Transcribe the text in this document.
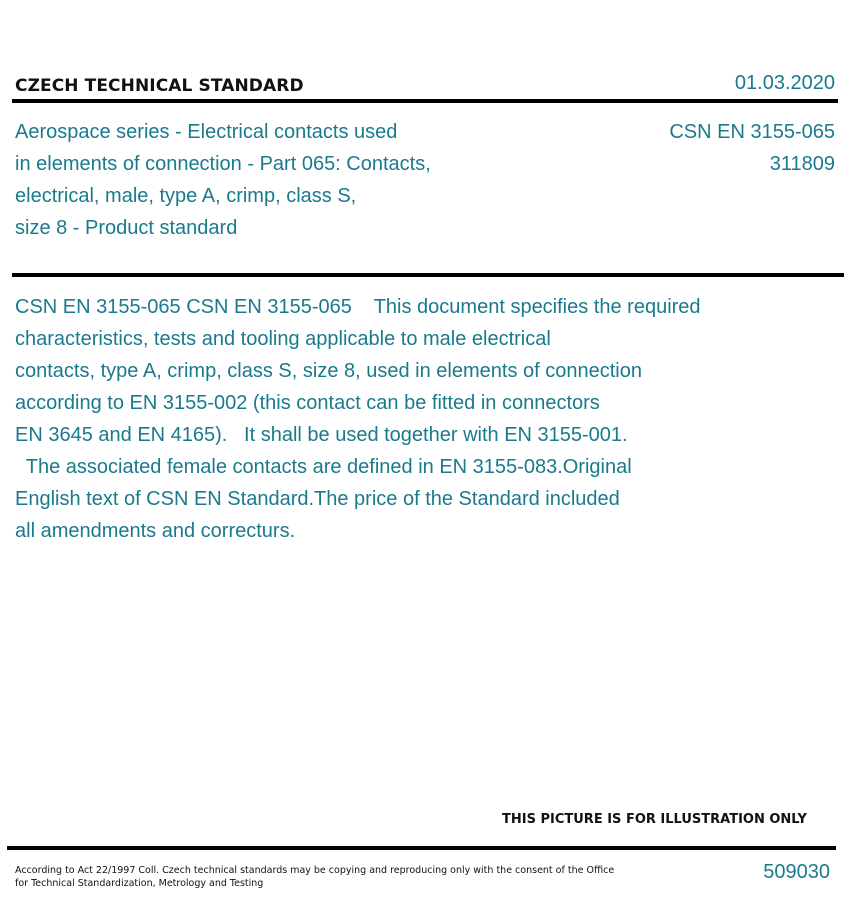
CZECH TECHNICAL STANDARD	01.03.2020
Aerospace series - Electrical contacts used
in elements of connection - Part 065: Contacts,
electrical, male, type A, crimp, class S,
size 8 - Product standard
CSN EN 3155-065
311809
CSN EN 3155-065 CSN EN 3155-065    This document specifies the required
characteristics, tests and tooling applicable to male electrical
contacts, type A, crimp, class S, size 8, used in elements of connection
according to EN 3155-002 (this contact can be fitted in connectors
EN 3645 and EN 4165).   It shall be used together with EN 3155-001.
The associated female contacts are defined in EN 3155-083.Original
English text of CSN EN Standard.The price of the Standard included
all amendments and correcturs.
THIS PICTURE IS FOR ILLUSTRATION ONLY
According to Act 22/1997 Coll. Czech technical standards may be copying and reproducing only with the consent of the Office
for Technical Standardization, Metrology and Testing
509030
